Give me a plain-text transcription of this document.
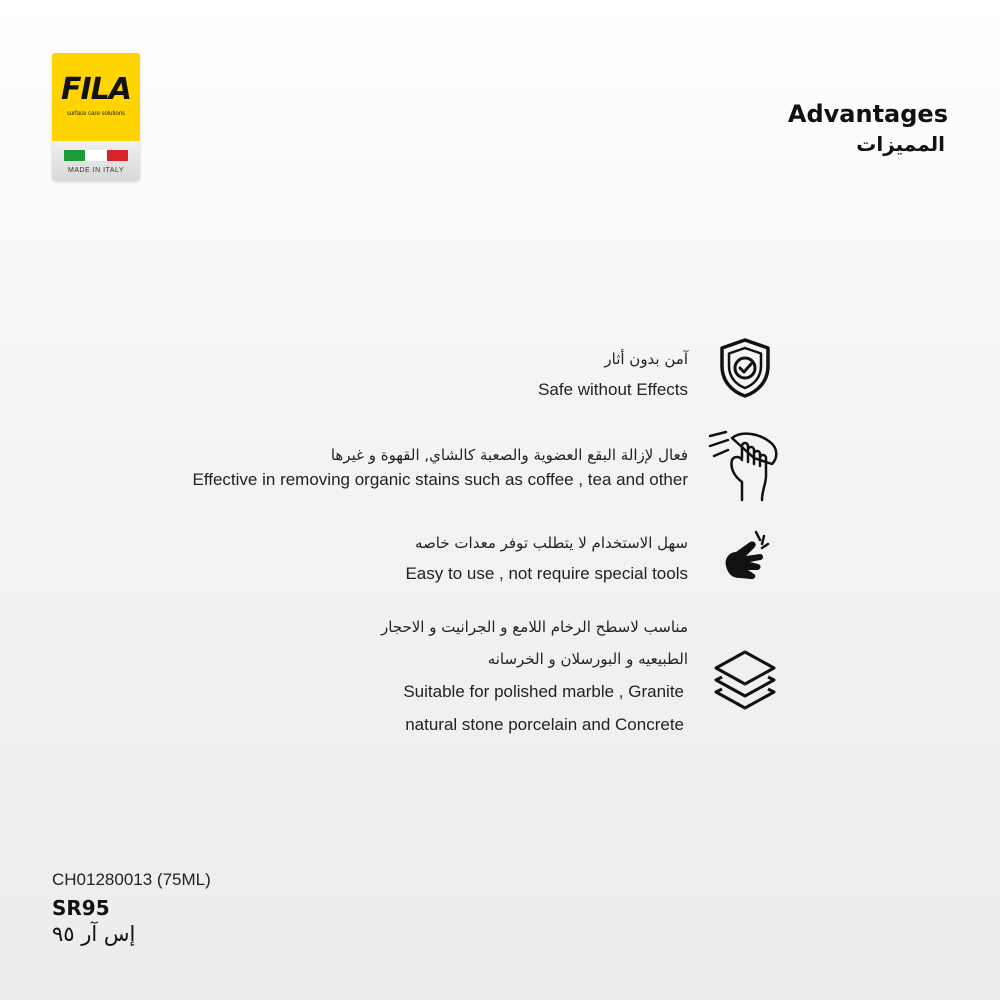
FILA
surface care solutions
MADE IN ITALY
Advantages
المميزات
آمن بدون أثار
Safe without Effects
فعال لإزالة البقع العضوية والصعبة كالشاي, القهوة و غيرها
Effective in removing organic stains such as coffee , tea and other
سهل الاستخدام لا يتطلب توفر معدات خاصه
Easy to use , not require special tools
مناسب لاسطح الرخام اللامع و الجرانيت و الاحجار
الطبيعيه و البورسلان و الخرسانه
Suitable for polished marble , Granite
natural stone porcelain and Concrete
CH01280013 (75ML)
SR95
إس آر ٩٥
